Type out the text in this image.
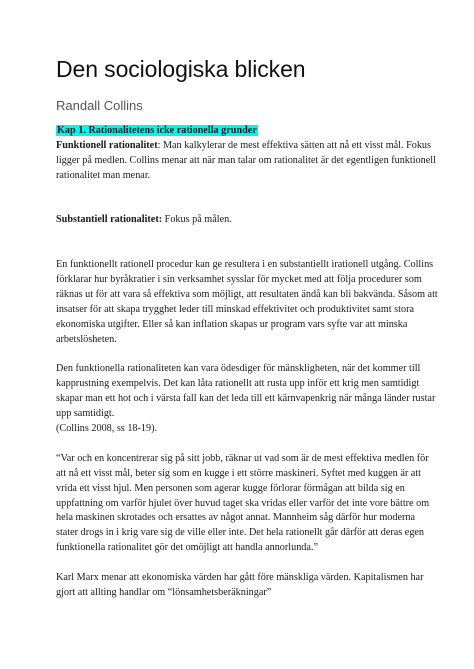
Den sociologiska blicken
Randall Collins

Kap 1. Rationalitetens icke rationella grunder

Funktionell rationalitet: Man kalkylerar de mest effektiva sätten att nå ett visst mål. Fokus
ligger på medlen. Collins menar att när man talar om rationalitet är det egentligen funktionell
rationalitet man menar.

Substantiell rationalitet: Fokus på målen.

En funktionellt rationell procedur kan ge resultera i en substantiellt irationell utgång. Collins
förklarar hur byråkratier i sin verksamhet sysslar för mycket med att följa procedurer som
räknas ut för att vara så effektiva som möjligt, att resultaten ändå kan bli bakvända. Såsom att
insatser för att skapa trygghet leder till minskad effektivitet och produktivitet samt stora
ekonomiska utgifter. Eller så kan inflation skapas ur program vars syfte var att minska
arbetslösheten.

Den funktionella rationaliteten kan vara ödesdiger för mänskligheten, när det kommer till
kapprustning exempelvis. Det kan låta rationellt att rusta upp inför ett krig men samtidigt
skapar man ett hot och i värsta fall kan det leda till ett kärnvapenkrig när många länder rustar
upp samtidigt.
(Collins 2008, ss 18-19).

“Var och en koncentrerar sig på sitt jobb, räknar ut vad som är de mest effektiva medlen för
att nå ett visst mål, beter sig som en kugge i ett större maskineri. Syftet med kuggen är att
vrida ett visst hjul. Men personen som agerar kugge förlorar förmågan att bilda sig en
uppfattning om varför hjulet över huvud taget ska vridas eller varför det inte vore bättre om
hela maskinen skrotades och ersattes av något annat. Mannheim såg därför hur moderna
stater drogs in i krig vare sig de ville eller inte. Det hela rationellt går därför att deras egen
funktionella rationalitet gör det omöjligt att handla annorlunda.”

Karl Marx menar att ekonomiska värden har gått före mänskliga värden. Kapitalismen har
gjort att allting handlar om “lönsamhetsberäkningar”
